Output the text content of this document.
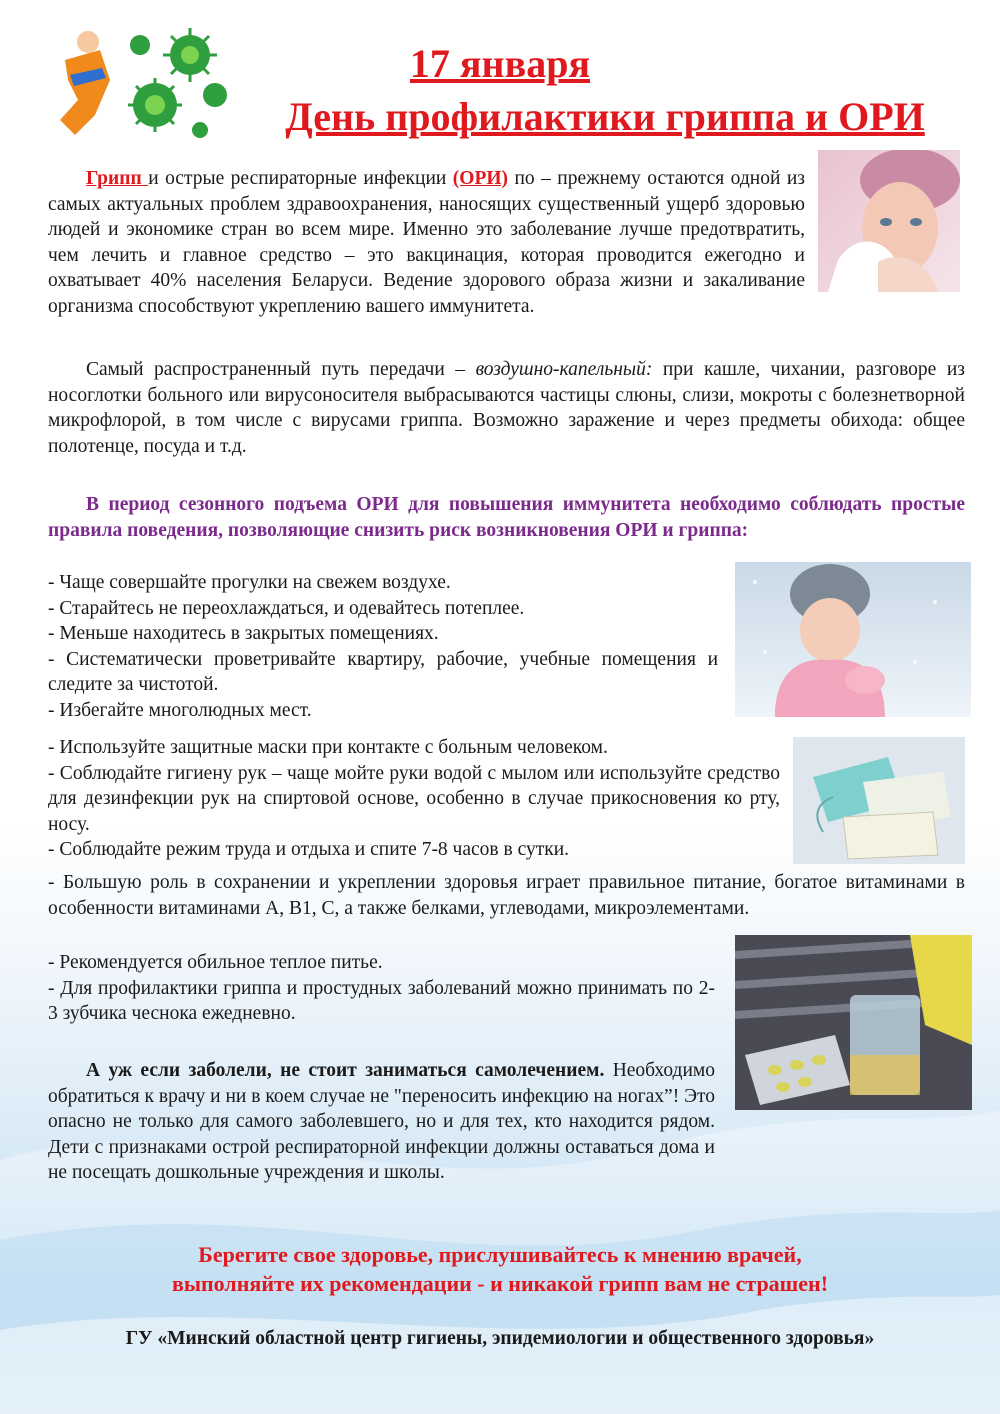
17 января
День профилактики гриппа и ОРИ

Грипп и острые респираторные инфекции (ОРИ) по – прежнему остаются одной из самых актуальных проблем здравоохранения, наносящих существенный ущерб здоровью людей и экономике стран во всем мире. Именно это заболевание лучше предотвратить, чем лечить и главное средство – это вакцинация, которая проводится ежегодно и охватывает 40% населения Беларуси. Ведение здорового образа жизни и закаливание организма способствуют укреплению вашего иммунитета.

Самый распространенный путь передачи – воздушно-капельный: при кашле, чихании, разговоре из носоглотки больного или вирусоносителя выбрасываются частицы слюны, слизи, мокроты с болезнетворной микрофлорой, в том числе с вирусами гриппа. Возможно заражение и через предметы обихода: общее полотенце, посуда и т.д.

В период сезонного подъема ОРИ для повышения иммунитета необходимо соблюдать простые правила поведения, позволяющие снизить риск возникновения ОРИ и гриппа:

- Чаще совершайте прогулки на свежем воздухе.
- Старайтесь не переохлаждаться, и одевайтесь потеплее.
- Меньше находитесь в закрытых помещениях.
- Систематически проветривайте квартиру, рабочие, учебные помещения и следите за чистотой.
- Избегайте многолюдных мест.
- Используйте защитные маски при контакте с больным человеком.
- Соблюдайте гигиену рук – чаще мойте руки водой с мылом или используйте средство для дезинфекции рук на спиртовой основе, особенно в случае прикосновения ко рту, носу.
- Соблюдайте режим труда и отдыха и спите 7-8 часов в сутки.
- Большую роль в сохранении и укреплении здоровья играет правильное питание, богатое витаминами в особенности витаминами А, В1, С, а также белками, углеводами, микроэлементами.
- Рекомендуется обильное теплое питье.
- Для профилактики гриппа и простудных заболеваний можно принимать по 2-3 зубчика чеснока ежедневно.

А уж если заболели, не стоит заниматься самолечением. Необходимо обратиться к врачу и ни в коем случае не "переносить инфекцию на ногах”! Это опасно не только для самого заболевшего, но и для тех, кто находится рядом. Дети с признаками острой респираторной инфекции должны оставаться дома и не посещать дошкольные учреждения и школы.

Берегите свое здоровье, прислушивайтесь к мнению врачей,
выполняйте их рекомендации - и никакой грипп вам не страшен!
ГУ «Минский областной центр гигиены, эпидемиологии и общественного здоровья»
